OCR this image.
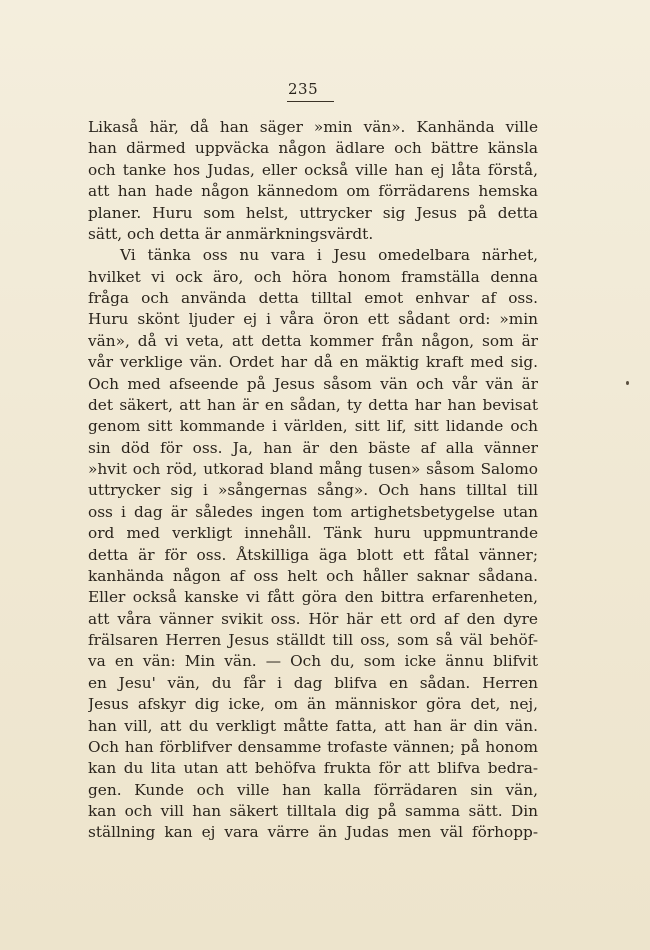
235
Likaså här, då han säger »min vän». Kanhända ville
han därmed uppväcka någon ädlare och bättre känsla
och tanke hos Judas, eller också ville han ej låta förstå,
att han hade någon kännedom om förrädarens hemska
planer. Huru som helst, uttrycker sig Jesus på detta
sätt, och detta är anmärkningsvärdt.
Vi tänka oss nu vara i Jesu omedelbara närhet,
hvilket vi ock äro, och höra honom framställa denna
fråga och använda detta tilltal emot enhvar af oss.
Huru skönt ljuder ej i våra öron ett sådant ord: »min
vän», då vi veta, att detta kommer från någon, som är
vår verklige vän. Ordet har då en mäktig kraft med sig.
Och med afseende på Jesus såsom vän och vår vän är
det säkert, att han är en sådan, ty detta har han bevisat
genom sitt kommande i världen, sitt lif, sitt lidande och
sin död för oss. Ja, han är den bäste af alla vänner
»hvit och röd, utkorad bland mång tusen» såsom Salomo
uttrycker sig i »sångernas sång». Och hans tilltal till
oss i dag är således ingen tom artighetsbetygelse utan
ord med verkligt innehåll. Tänk huru uppmuntrande
detta är för oss. Åtskilliga äga blott ett fåtal vänner;
kanhända någon af oss helt och håller saknar sådana.
Eller också kanske vi fått göra den bittra erfarenheten,
att våra vänner svikit oss. Hör här ett ord af den dyre
frälsaren Herren Jesus ställdt till oss, som så väl behöf-
va en vän: Min vän. — Och du, som icke ännu blifvit
en Jesu' vän, du får i dag blifva en sådan. Herren
Jesus afskyr dig icke, om än människor göra det, nej,
han vill, att du verkligt måtte fatta, att han är din vän.
Och han förblifver densamme trofaste vännen; på honom
kan du lita utan att behöfva frukta för att blifva bedra-
gen. Kunde och ville han kalla förrädaren sin vän,
kan och vill han säkert tilltala dig på samma sätt. Din
ställning kan ej vara värre än Judas men väl förhopp-
